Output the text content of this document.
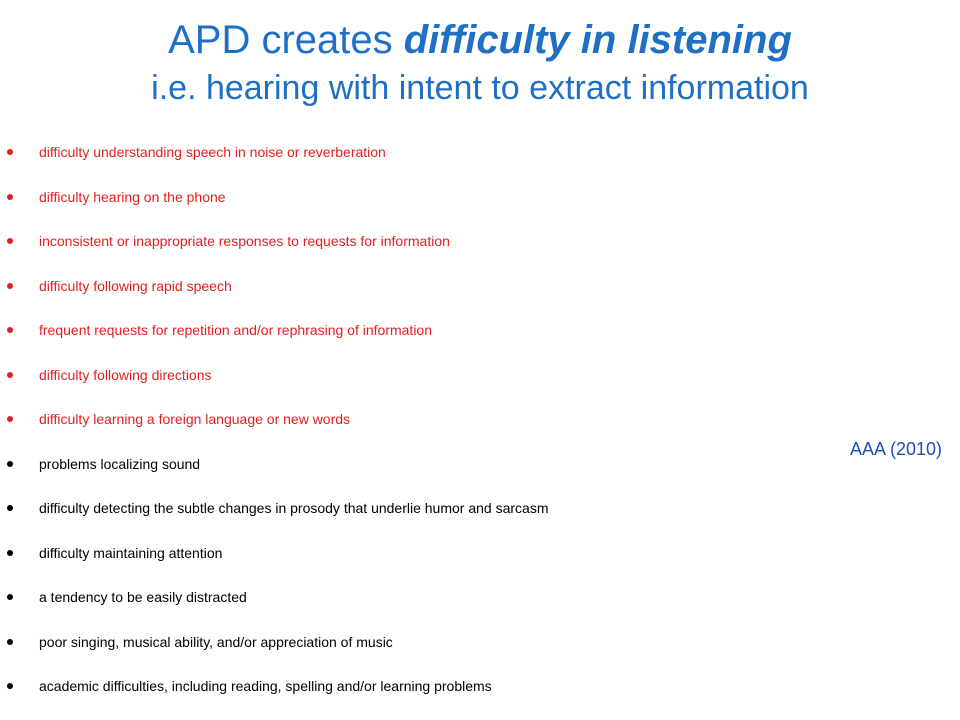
APD creates difficulty in listening
i.e. hearing with intent to extract information
difficulty understanding speech in noise or reverberation
difficulty hearing on the phone
inconsistent or inappropriate responses to requests for information
difficulty following rapid speech
frequent requests for repetition and/or rephrasing of information
difficulty following directions
difficulty learning a foreign language or new words
problems localizing sound
difficulty detecting the subtle changes in prosody that underlie humor and sarcasm
difficulty maintaining attention
a tendency to be easily distracted
poor singing, musical ability, and/or appreciation of music
academic difficulties, including reading, spelling and/or learning problems
AAA (2010)
